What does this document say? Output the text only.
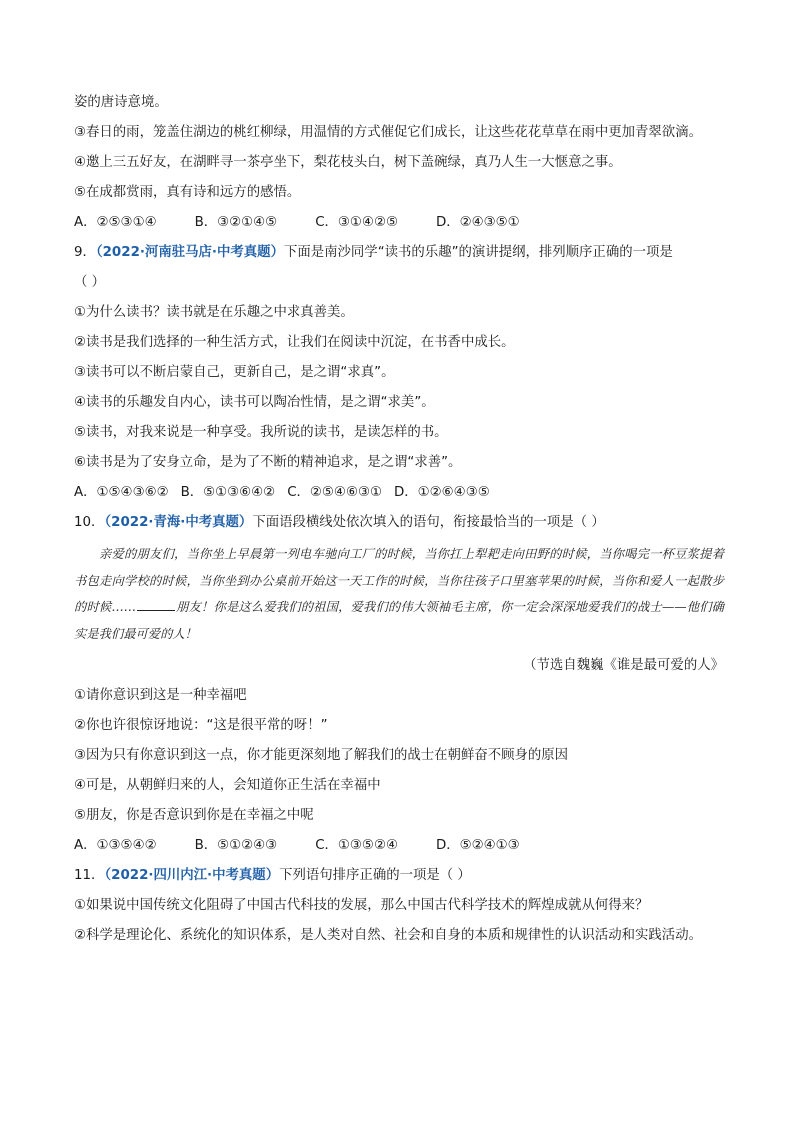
姿的唐诗意境。

③春日的雨，笼盖住湖边的桃红柳绿，用温情的方式催促它们成长，让这些花花草草在雨中更加青翠欲滴。

④邀上三五好友，在湖畔寻一茶亭坐下，梨花枝头白，树下盖碗绿，真乃人生一大惬意之事。

⑤在成都赏雨，真有诗和远方的感悟。

A．②⑤③①④	B．③②①④⑤	C．③①④②⑤	D．②④③⑤①

9．（2022·河南驻马店·中考真题）下面是南沙同学“读书的乐趣”的演讲提纲，排列顺序正确的一项是

（ ）

①为什么读书？读书就是在乐趣之中求真善美。

②读书是我们选择的一种生活方式，让我们在阅读中沉淀，在书香中成长。

③读书可以不断启蒙自己，更新自己，是之谓“求真”。

④读书的乐趣发自内心，读书可以陶冶性情，是之谓“求美”。

⑤读书，对我来说是一种享受。我所说的读书，是读怎样的书。

⑥读书是为了安身立命，是为了不断的精神追求，是之谓“求善”。

A．①⑤④③⑥② B．⑤①③⑥④② C．②⑤④⑥③① D．①②⑥④③⑤

10．（2022·青海·中考真题）下面语段横线处依次填入的语句，衔接最恰当的一项是（ ）

亲爱的朋友们，当你坐上早晨第一列电车驰向工厂的时候，当你扛上犁耙走向田野的时候，当你喝完一杯豆浆提着书包走向学校的时候，当你坐到办公桌前开始这一天工作的时候，当你往孩子口里塞苹果的时候，当你和爱人一起散步的时候……	朋友！你是这么爱我们的祖国，爱我们的伟大领袖毛主席，你一定会深深地爱我们的战士——他们确实是我们最可爱的人！

（节选自魏巍《谁是最可爱的人》

①请你意识到这是一种幸福吧

②你也许很惊讶地说：“这是很平常的呀！”

③因为只有你意识到这一点，你才能更深刻地了解我们的战士在朝鲜奋不顾身的原因

④可是，从朝鲜归来的人，会知道你正生活在幸福中

⑤朋友，你是否意识到你是在幸福之中呢

A．①③⑤④②	B．⑤①②④③	C．①③⑤②④	D．⑤②④①③

11．（2022·四川内江·中考真题）下列语句排序正确的一项是（ ）

①如果说中国传统文化阻碍了中国古代科技的发展，那么中国古代科学技术的辉煌成就从何得来？

②科学是理论化、系统化的知识体系，是人类对自然、社会和自身的本质和规律性的认识活动和实践活动。
